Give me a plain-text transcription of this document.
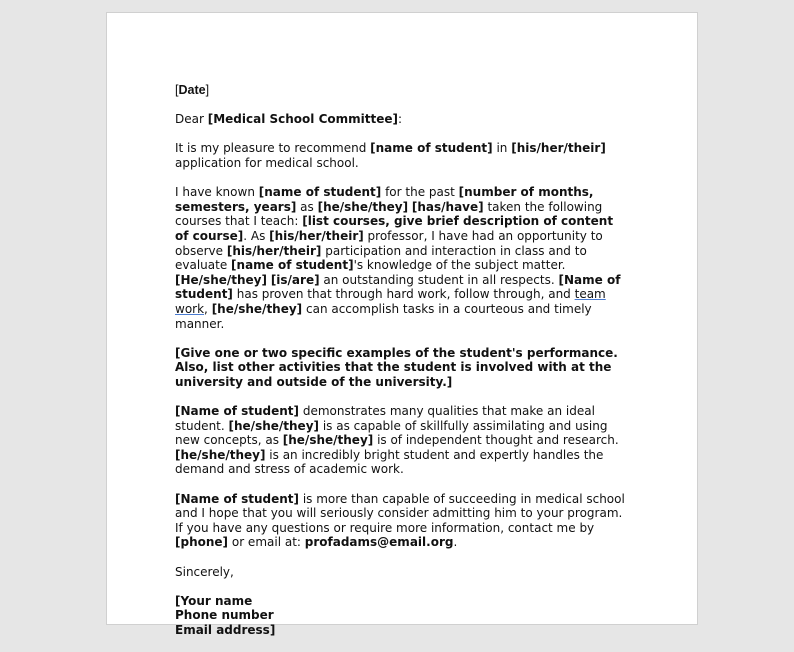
[Date]

Dear [Medical School Committee]:

It is my pleasure to recommend [name of student] in [his/her/their] application for medical school.

I have known [name of student] for the past [number of months, semesters, years] as [he/she/they] [has/have] taken the following courses that I teach: [list courses, give brief description of content of course]. As [his/her/their] professor, I have had an opportunity to observe [his/her/their] participation and interaction in class and to evaluate [name of student]'s knowledge of the subject matter. [He/she/they] [is/are] an outstanding student in all respects. [Name of student] has proven that through hard work, follow through, and team work, [he/she/they] can accomplish tasks in a courteous and timely manner.

[Give one or two specific examples of the student's performance. Also, list other activities that the student is involved with at the university and outside of the university.]

[Name of student] demonstrates many qualities that make an ideal student. [he/she/they] is as capable of skillfully assimilating and using new concepts, as [he/she/they] is of independent thought and research. [he/she/they] is an incredibly bright student and expertly handles the demand and stress of academic work.

[Name of student] is more than capable of succeeding in medical school and I hope that you will seriously consider admitting him to your program. If you have any questions or require more information, contact me by [phone] or email at: profadams@email.org.

Sincerely,

[Your name
Phone number
Email address]
